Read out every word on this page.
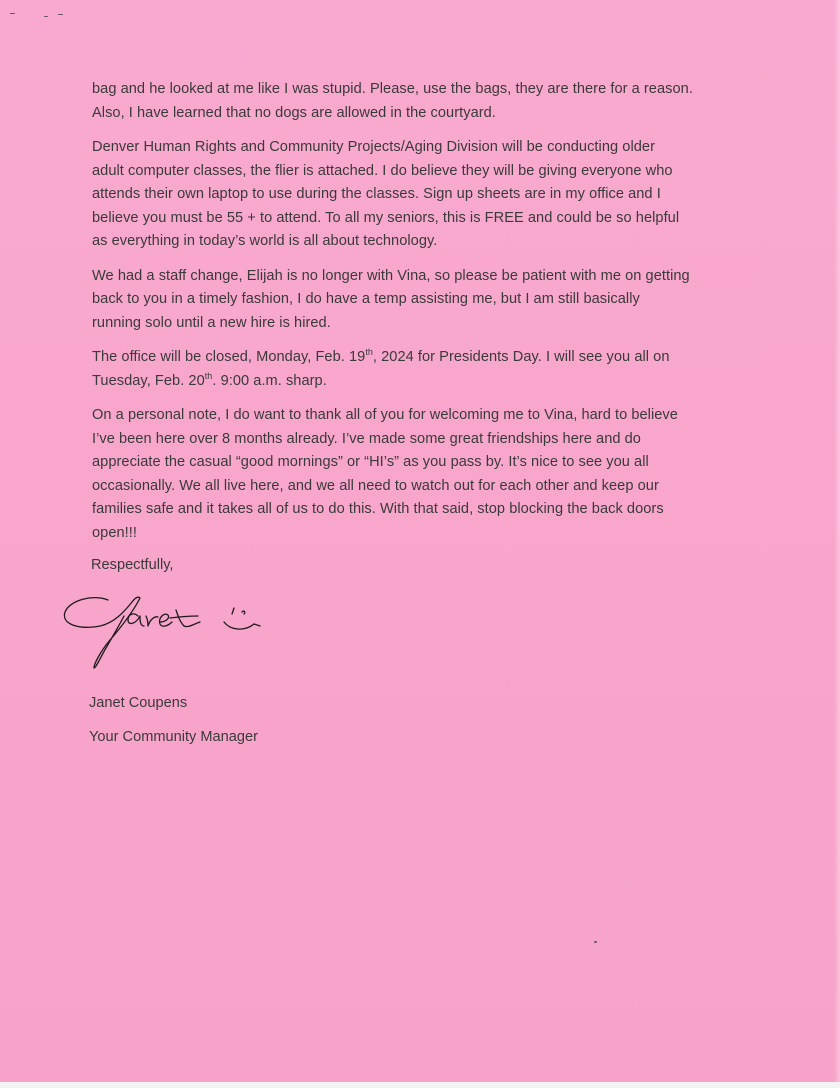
bag and he looked at me like I was stupid. Please, use the bags, they are there for a reason.
Also, I have learned that no dogs are allowed in the courtyard.

Denver Human Rights and Community Projects/Aging Division will be conducting older
adult computer classes, the flier is attached. I do believe they will be giving everyone who
attends their own laptop to use during the classes. Sign up sheets are in my office and I
believe you must be 55 + to attend. To all my seniors, this is FREE and could be so helpful
as everything in today’s world is all about technology.

We had a staff change, Elijah is no longer with Vina, so please be patient with me on getting
back to you in a timely fashion, I do have a temp assisting me, but I am still basically
running solo until a new hire is hired.

The office will be closed, Monday, Feb. 19th, 2024 for Presidents Day. I will see you all on
Tuesday, Feb. 20th. 9:00 a.m. sharp.

On a personal note, I do want to thank all of you for welcoming me to Vina, hard to believe
I’ve been here over 8 months already. I’ve made some great friendships here and do
appreciate the casual “good mornings” or “HI’s” as you pass by. It’s nice to see you all
occasionally. We all live here, and we all need to watch out for each other and keep our
families safe and it takes all of us to do this. With that said, stop blocking the back doors
open!!!

Respectfully,
Janet Coupens
Your Community Manager
